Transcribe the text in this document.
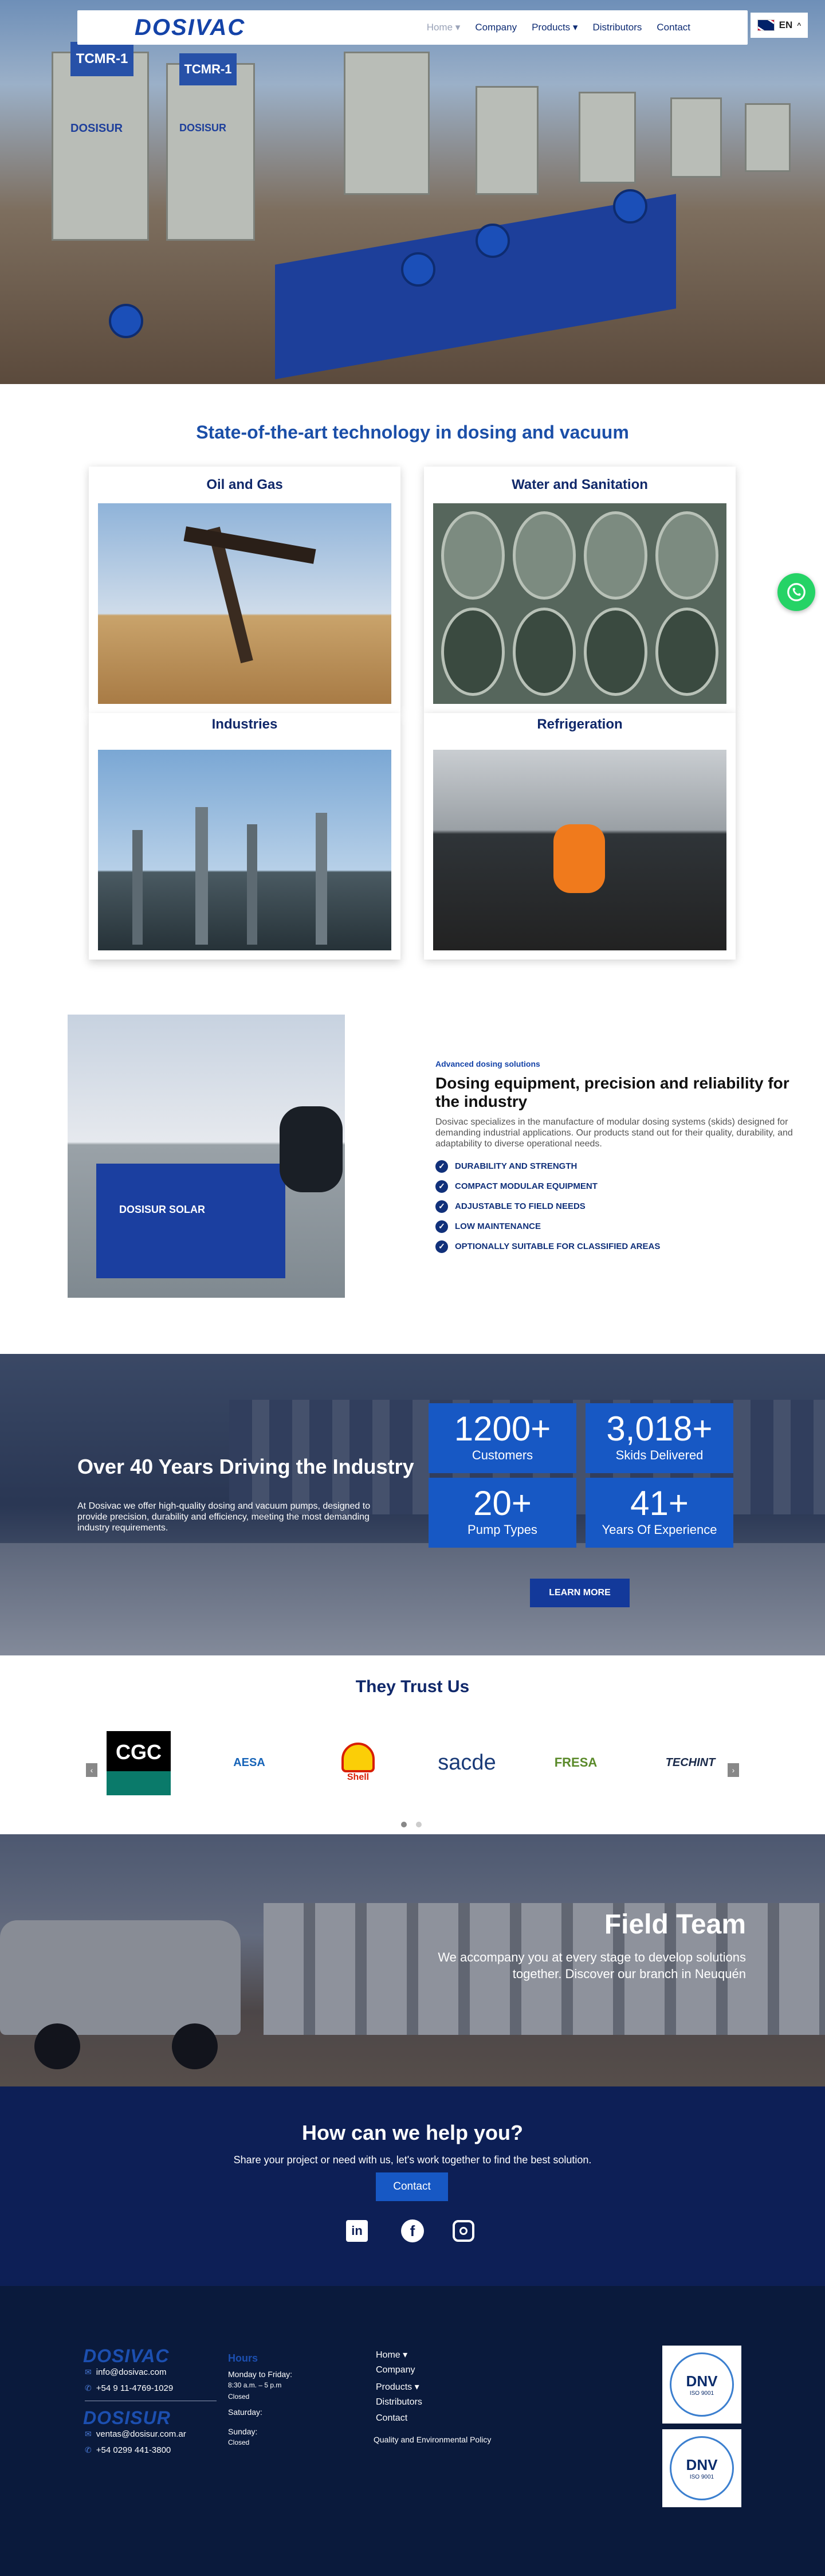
TCMR-1
DOSISUR
TCMR-1
DOSISUR
DOSIVAC	Home ▾ Company Products ▾ Distributors Contact	EN ^
State-of-the-art technology in dosing and vacuum
Oil and Gas	Water and Sanitation
Industries	Refrigeration
DOSISUR SOLAR
Advanced dosing solutions
Dosing equipment, precision and reliability for the industry

Dosivac specializes in the manufacture of modular dosing systems (skids) designed for demanding industrial applications. Our products stand out for their quality, durability, and adaptability to diverse operational needs.

✓	DURABILITY AND STRENGTH
✓	COMPACT MODULAR EQUIPMENT
✓	ADJUSTABLE TO FIELD NEEDS
✓	LOW MAINTENANCE
✓	OPTIONALLY SUITABLE FOR CLASSIFIED AREAS
Over 40 Years Driving the Industry

At Dosivac we offer high-quality dosing and vacuum pumps, designed to provide precision, durability and efficiency, meeting the most demanding industry requirements.

1200+
Customers
3,018+
Skids Delivered
20+
Pump Types
41+
Years Of Experience
LEARN MORE
They Trust Us
‹
CGC	AESA
Shell
sacde	FRESA	TECHINT
›
Field Team

We accompany you at every stage to develop solutions together. Discover our branch in Neuquén

How can we help you?

Share your project or need with us, let's work together to find the best solution.

Contact
in	f
DOSIVAC
✉ info@dosivac.com
✆ +54 9 11-4769-1029
DOSISUR
✉ ventas@dosisur.com.ar
✆ +54 0299 441-3800
Hours
Monday to Friday:
8:30 a.m. – 5 p.m
Closed
Saturday:
Sunday:
Closed
Home ▾
Company
Products ▾
Distributors
Contact
Quality and Environmental Policy
DNV
ISO 9001
DNV
ISO 9001
